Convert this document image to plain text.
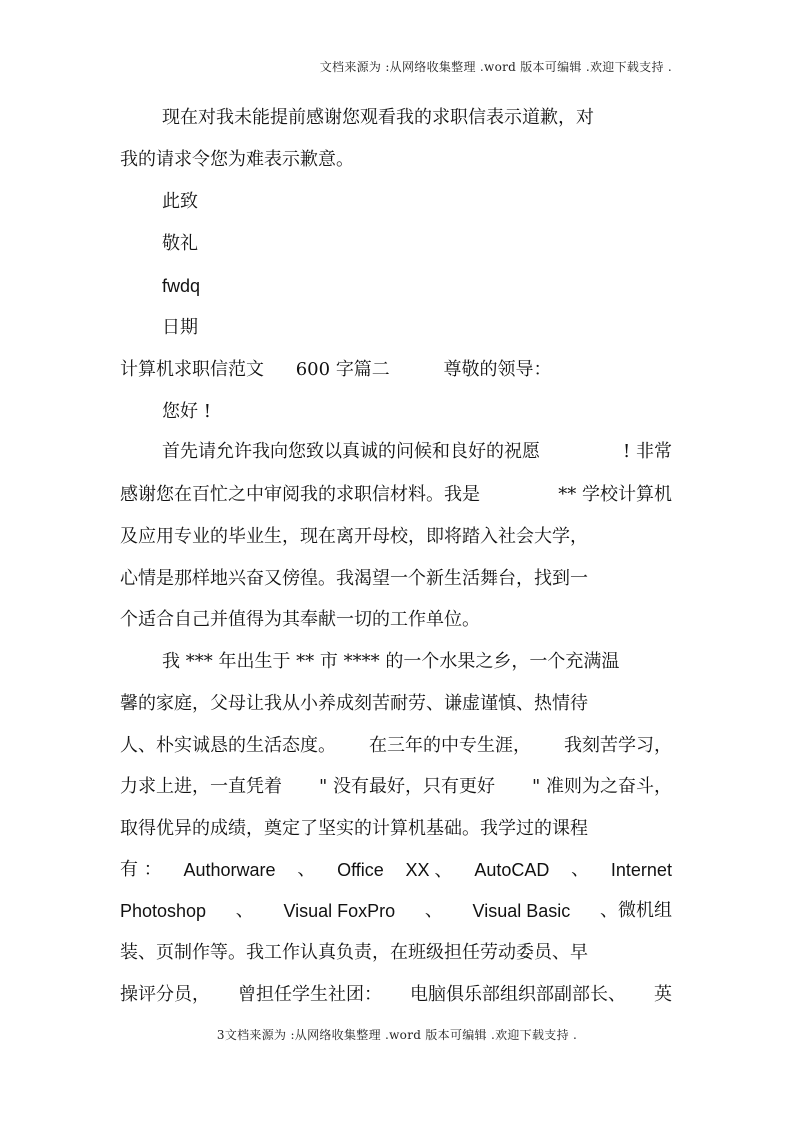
文档来源为 :从网络收集整理 .word 版本可编辑 .欢迎下载支持 .
现在对我未能提前感谢您观看我的求职信表示道歉，对
我的请求令您为难表示歉意。
此致
敬礼
fwdq
日期
计算机求职信范文 600 字篇二	尊敬的领导：
您好 !
首先请允许我向您致以真诚的问候和良好的祝愿	! 非常
感谢您在百忙之中审阅我的求职信材料。我是	** 学校计算机
及应用专业的毕业生，现在离开母校，即将踏入社会大学，
心情是那样地兴奋又傍徨。我渴望一个新生活舞台，找到一
个适合自己并值得为其奉献一切的工作单位。
我 *** 年出生于 ** 市 **** 的一个水果之乡，一个充满温
馨的家庭，父母让我从小养成刻苦耐劳、谦虚谨慎、热情待
人、朴实诚恳的生活态度。 在三年的中专生涯， 我刻苦学习，
力求上进，一直凭着 " 没有最好，只有更好 " 准则为之奋斗，
取得优异的成绩，奠定了坚实的计算机基础。我学过的课程
有 ： Authorware 、 Office XX 、 AutoCAD 、 Internet
Photoshop 、 Visual FoxPro 、 Visual Basic 、微机组
装、页制作等。我工作认真负责，在班级担任劳动委员、早
操评分员， 曾担任学生社团： 电脑俱乐部组织部副部长、 英
3文档来源为 :从网络收集整理 .word 版本可编辑 .欢迎下载支持 .
